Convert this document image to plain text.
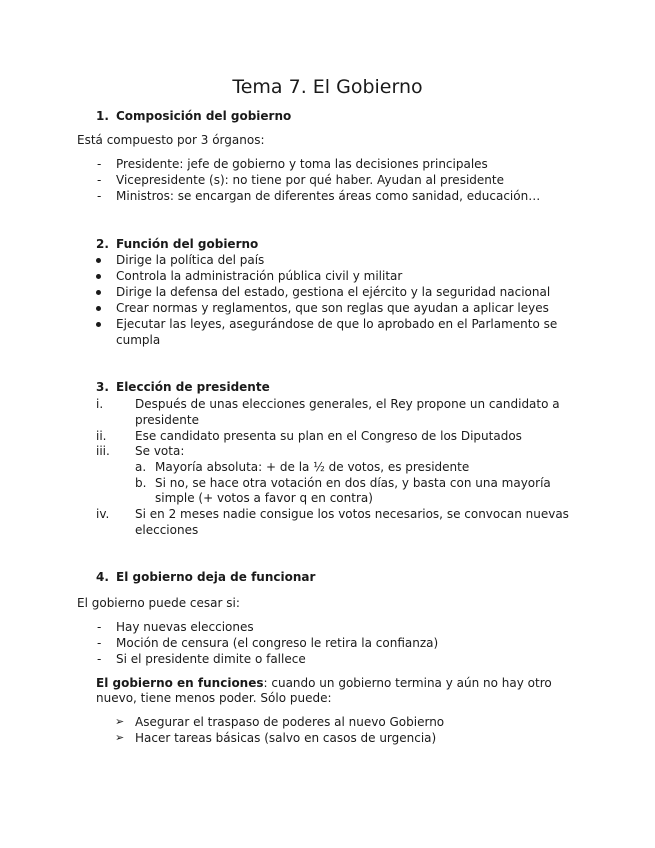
Tema 7. El Gobierno
1. Composición del gobierno
Está compuesto por 3 órganos:
- Presidente: jefe de gobierno y toma las decisiones principales
- Vicepresidente (s): no tiene por qué haber. Ayudan al presidente
- Ministros: se encargan de diferentes áreas como sanidad, educación…
2. Función del gobierno
Dirige la política del país
Controla la administración pública civil y militar
Dirige la defensa del estado, gestiona el ejército y la seguridad nacional
Crear normas y reglamentos, que son reglas que ayudan a aplicar leyes
Ejecutar las leyes, asegurándose de que lo aprobado en el Parlamento se
cumpla
3. Elección de presidente
i.	Después de unas elecciones generales, el Rey propone un candidato a
presidente
ii. Ese candidato presenta su plan en el Congreso de los Diputados
iii. Se vota:
a. Mayoría absoluta: + de la ½ de votos, es presidente
b. Si no, se hace otra votación en dos días, y basta con una mayoría
simple (+ votos a favor q en contra)
iv. Si en 2 meses nadie consigue los votos necesarios, se convocan nuevas
elecciones
4. El gobierno deja de funcionar
El gobierno puede cesar si:
- Hay nuevas elecciones
- Moción de censura (el congreso le retira la confianza)
- Si el presidente dimite o fallece
El gobierno en funciones: cuando un gobierno termina y aún no hay otro
nuevo, tiene menos poder. Sólo puede:
➢ Asegurar el traspaso de poderes al nuevo Gobierno
➢ Hacer tareas básicas (salvo en casos de urgencia)
